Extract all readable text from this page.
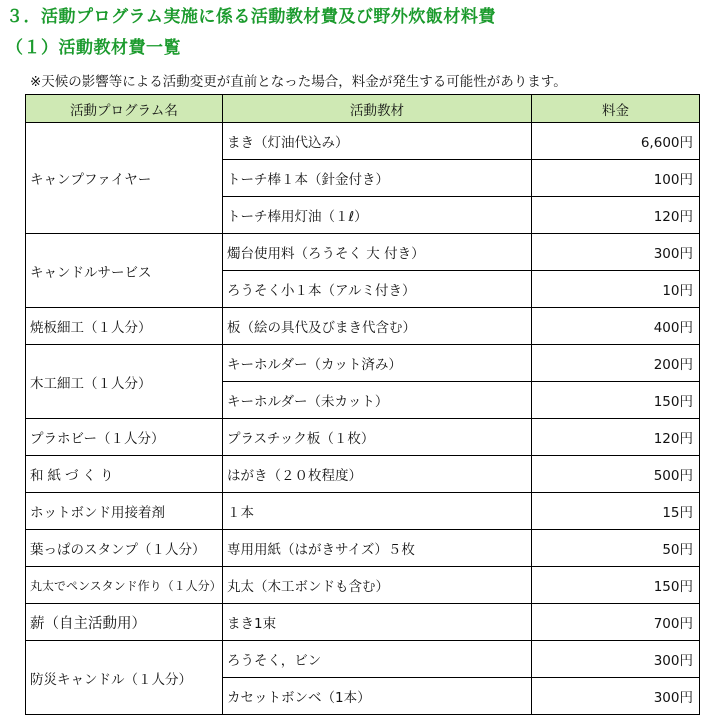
３．活動プログラム実施に係る活動教材費及び野外炊飯材料費
（１）活動教材費一覧
※天候の影響等による活動変更が直前となった場合，料金が発生する可能性があります。
活動プログラム名	活動教材	料金
キャンプファイヤー	まき（灯油代込み）	6,600円
	トーチ棒１本（針金付き）	100円
	トーチ棒用灯油（１ℓ）	120円
キャンドルサービス	燭台使用料（ろうそく 大 付き）	300円
	ろうそく小１本（アルミ付き）	10円
焼板細工（１人分）	板（絵の具代及びまき代含む）	400円
木工細工（１人分）	キーホルダー（カット済み）	200円
	キーホルダー（未カット）	150円
プラホビー（１人分）	プラスチック板（１枚）	120円
和紙づくり	はがき（２０枚程度）	500円
ホットボンド用接着剤	１本	15円
葉っぱのスタンプ（１人分）	専用用紙（はがきサイズ）５枚	50円
丸太でペンスタンド作り（１人分）	丸太（木工ボンドも含む）	150円
薪（自主活動用）	まき1束	700円
防災キャンドル（１人分）	ろうそく，ビン	300円
	カセットボンベ（1本）	300円
